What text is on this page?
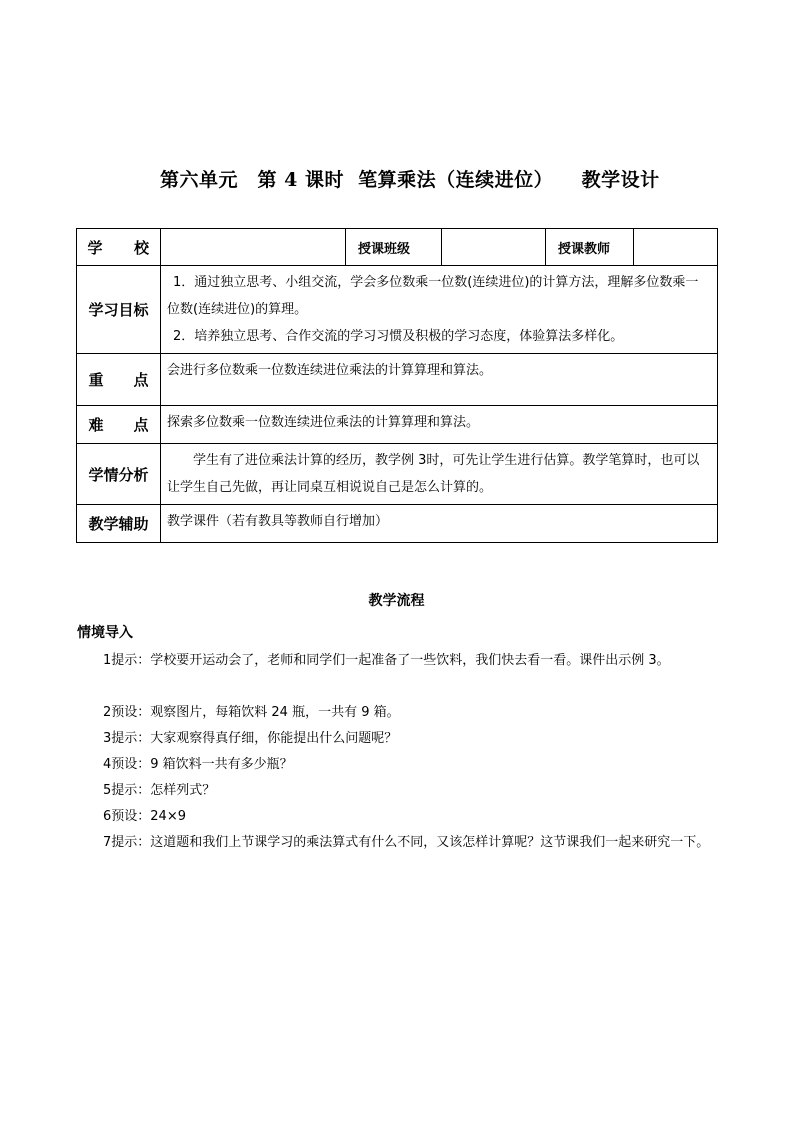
第六单元　第 4 课时  笔算乘法（连续进位）    教学设计
学　　校		授课班级		授课教师	
学习目标	1．通过独立思考、小组交流，学会多位数乘一位数(连续进位)的计算方法，理解多位数乘一位数(连续进位)的算理。

2．培养独立思考、合作交流的学习习惯及积极的学习态度，体验算法多样化。				

重　　点	会进行多位数乘一位数连续进位乘法的计算算理和算法。				
难　　点	探索多位数乘一位数连续进位乘法的计算算理和算法。				
学情分析	学生有了进位乘法计算的经历，教学例 3时，可先让学生进行估算。教学笔算时，也可以让学生自己先做，再让同桌互相说说自己是怎么计算的。				

教学辅助	教学课件（若有教具等教师自行增加）				
教学流程
情境导入

1提示：学校要开运动会了，老师和同学们一起准备了一些饮料，我们快去看一看。课件出示例 3。

2预设：观察图片，每箱饮料 24 瓶，一共有 9 箱。

3提示：大家观察得真仔细，你能提出什么问题呢？

4预设：9 箱饮料一共有多少瓶？

5提示：怎样列式？

6预设：24×9

7提示：这道题和我们上节课学习的乘法算式有什么不同，又该怎样计算呢？这节课我们一起来研究一下。
